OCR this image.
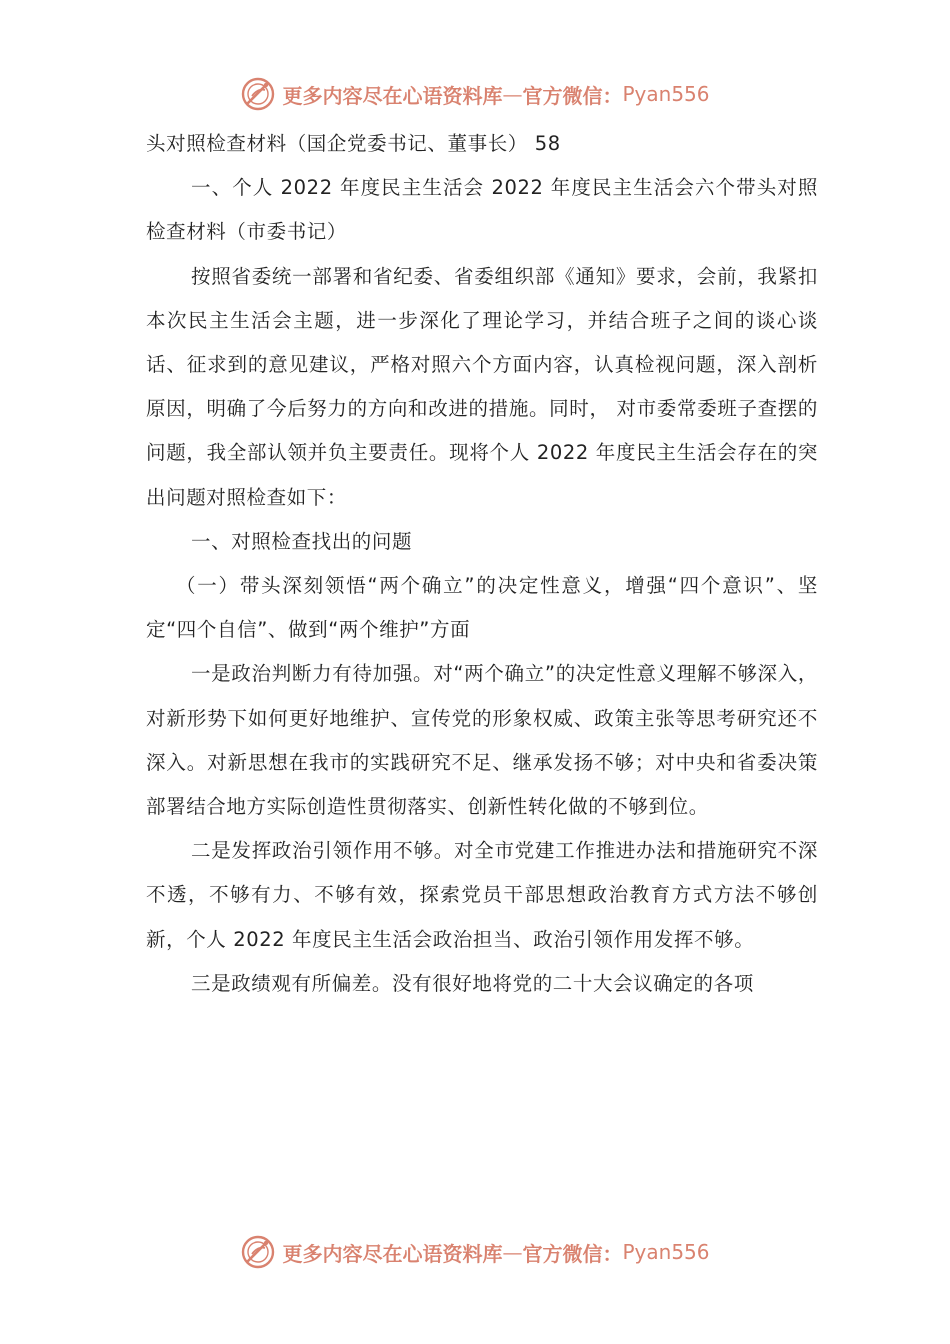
更多内容尽在心语资料库 — 官方微信： Pyan556

头对照检查材料（国企党委书记、董事长） 58

一、个人 2022 年度民主生活会 2022 年度民主生活会六个带头对照检查材料（市委书记）

按照省委统一部署和省纪委、省委组织部《通知》要求，会前，我紧扣本次民主生活会主题，进一步深化了理论学习，并结合班子之间的谈心谈话、征求到的意见建议，严格对照六个方面内容，认真检视问题，深入剖析原因，明确了今后努力的方向和改进的措施。同时， 对市委常委班子查摆的问题，我全部认领并负主要责任。现将个人 2022 年度民主生活会存在的突出问题对照检查如下：

一、对照检查找出的问题

（一）带头深刻领悟“两个确立”的决定性意义，增强“四个意识”、坚定“四个自信”、做到“两个维护”方面

一是政治判断力有待加强。对“两个确立”的决定性意义理解不够深入，对新形势下如何更好地维护、宣传党的形象权威、政策主张等思考研究还不深入。对新思想在我市的实践研究不足、继承发扬不够；对中央和省委决策部署结合地方实际创造性贯彻落实、创新性转化做的不够到位。

二是发挥政治引领作用不够。对全市党建工作推进办法和措施研究不深不透，不够有力、不够有效，探索党员干部思想政治教育方式方法不够创新，个人 2022 年度民主生活会政治担当、政治引领作用发挥不够。

三是政绩观有所偏差。没有很好地将党的二十大会议确定的各项

更多内容尽在心语资料库 — 官方微信： Pyan556
